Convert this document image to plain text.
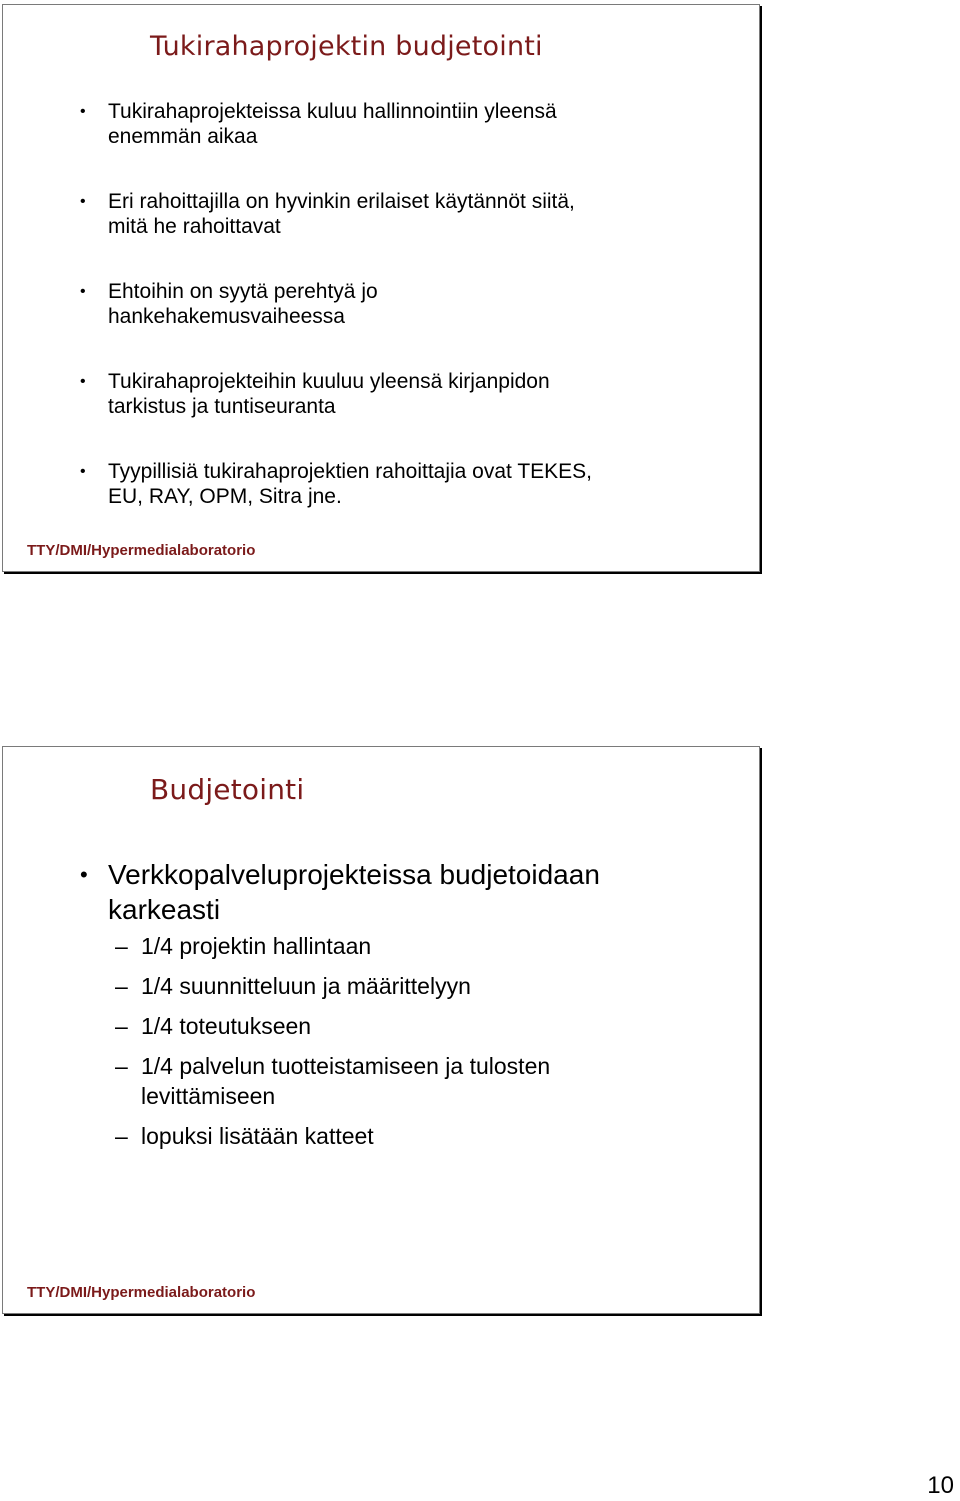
Tukirahaprojektin budjetointi
• Tukirahaprojekteissa kuluu hallinnointiin yleensä
enemmän aikaa
• Eri rahoittajilla on hyvinkin erilaiset käytännöt siitä,
mitä he rahoittavat
• Ehtoihin on syytä perehtyä jo
hankehakemusvaiheessa
• Tukirahaprojekteihin kuuluu yleensä kirjanpidon
tarkistus ja tuntiseuranta
• Tyypillisiä tukirahaprojektien rahoittajia ovat TEKES,
EU, RAY, OPM, Sitra jne.
TTY/DMI/Hypermedialaboratorio
Budjetointi
• Verkkopalveluprojekteissa budjetoidaan
karkeasti
– 1/4 projektin hallintaan
– 1/4 suunnitteluun ja määrittelyyn
– 1/4 toteutukseen
– 1/4 palvelun tuotteistamiseen ja tulosten
levittämiseen
– lopuksi lisätään katteet
TTY/DMI/Hypermedialaboratorio
10
